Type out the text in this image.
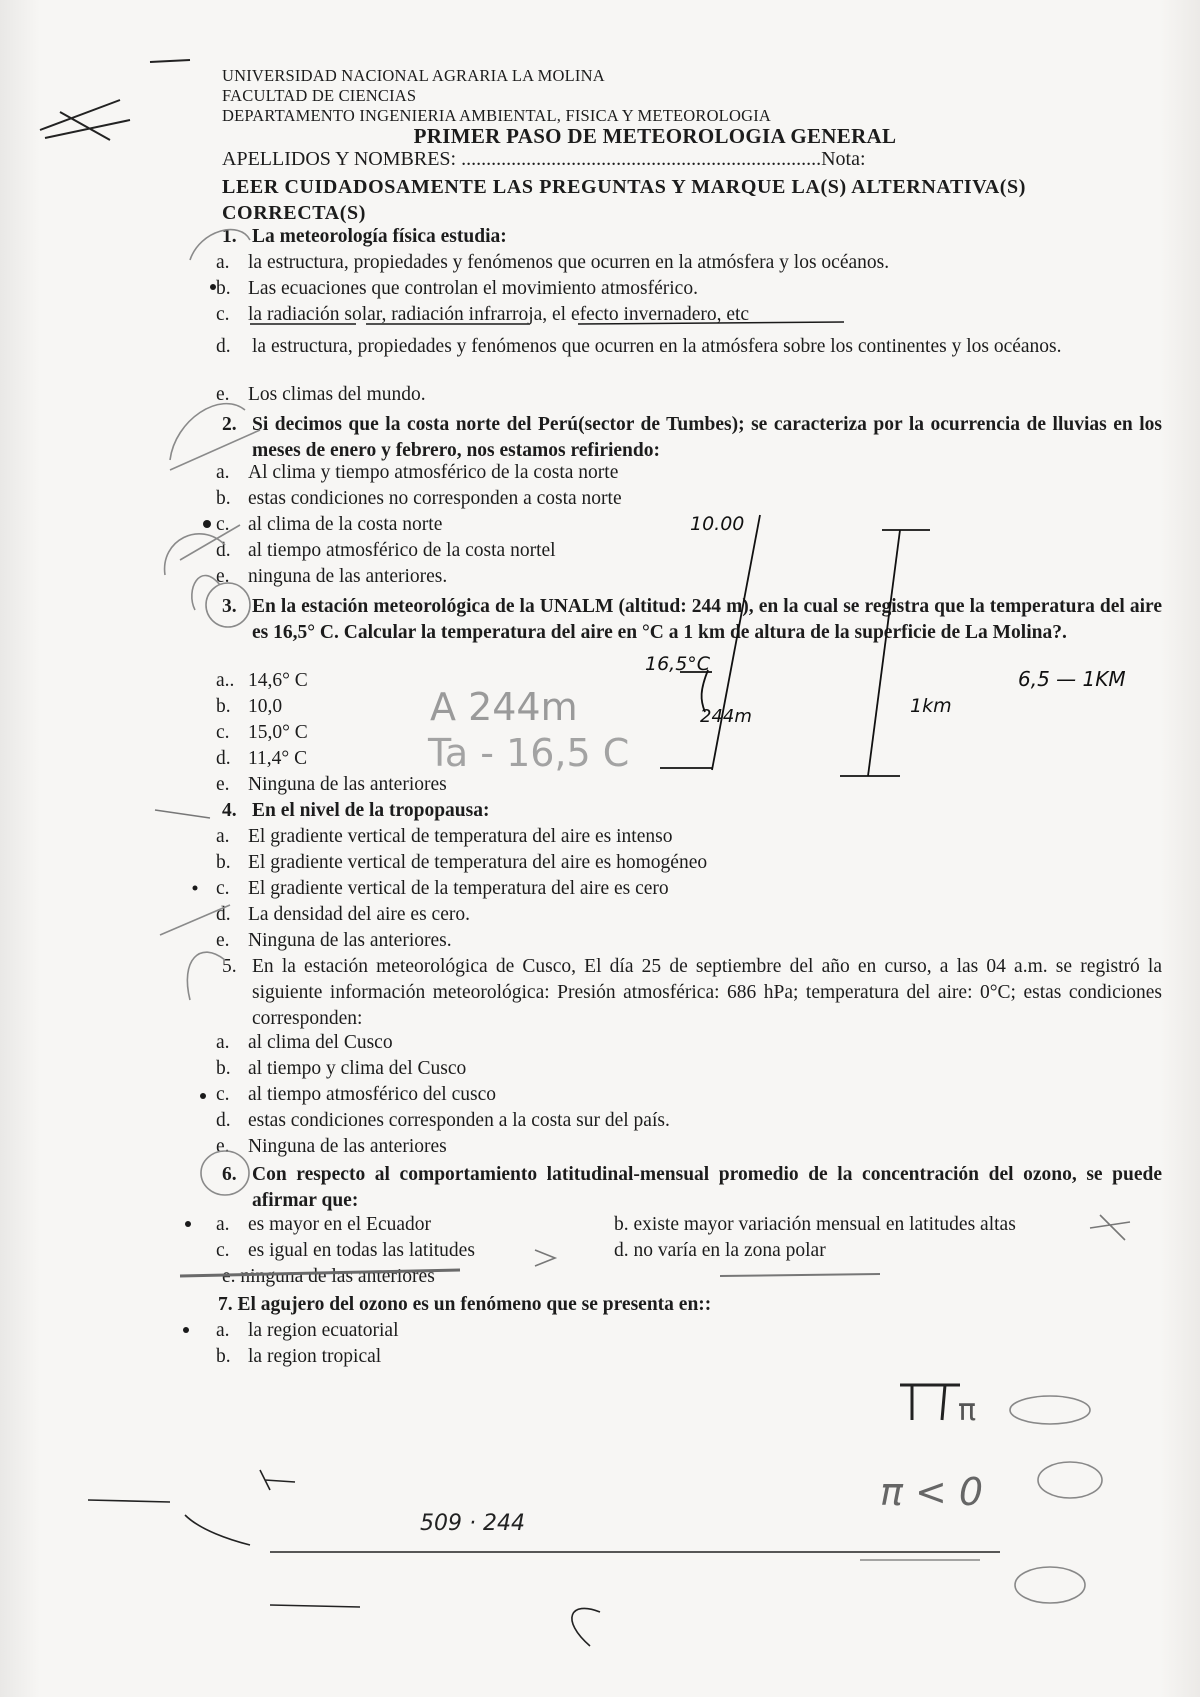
UNIVERSIDAD NACIONAL AGRARIA LA MOLINA
FACULTAD DE CIENCIAS
DEPARTAMENTO INGENIERIA AMBIENTAL, FISICA Y METEOROLOGIA
PRIMER PASO DE METEOROLOGIA GENERAL
APELLIDOS Y NOMBRES: ........................................................................Nota:
LEER CUIDADOSAMENTE LAS PREGUNTAS Y MARQUE LA(S) ALTERNATIVA(S) CORRECTA(S)
1. La meteorología física estudia:
a. la estructura, propiedades y fenómenos que ocurren en la atmósfera y los océanos.
b. Las ecuaciones que controlan el movimiento atmosférico.
c. la radiación solar, radiación infrarroja, el efecto invernadero, etc
d.	la estructura, propiedades y fenómenos que ocurren en la atmósfera sobre los continentes y los océanos.
e. Los climas del mundo.
2. Si decimos que la costa norte del Perú(sector de Tumbes); se caracteriza por la ocurrencia de lluvias en los meses de enero y febrero, nos estamos refiriendo:
a. Al clima y tiempo atmosférico de la costa norte
b. estas condiciones no corresponden a costa norte
c. al clima de la costa norte
d. al tiempo atmosférico de la costa nortel
e. ninguna de las anteriores.
3. En la estación meteorológica de la UNALM (altitud: 244 m), en la cual se registra que la temperatura del aire es 16,5° C. Calcular la temperatura del aire en °C a 1 km de altura de la superficie de La Molina?.
a.. 14,6° C
b. 10,0
c. 15,0° C
d. 11,4° C
e. Ninguna de las anteriores
4. En el nivel de la tropopausa:
a. El gradiente vertical de temperatura del aire es intenso
b. El gradiente vertical de temperatura del aire es homogéneo
c. El gradiente vertical de la temperatura del aire es cero
d. La densidad del aire es cero.
e. Ninguna de las anteriores.
5. En la estación meteorológica de Cusco, El día 25 de septiembre del año en curso, a las 04 a.m. se registró la siguiente información meteorológica: Presión atmosférica: 686 hPa; temperatura del aire: 0°C; estas condiciones corresponden:
a. al clima del Cusco
b. al tiempo y clima del Cusco
c. al tiempo atmosférico del cusco
d. estas condiciones corresponden a la costa sur del país.
e. Ninguna de las anteriores
6. Con respecto al comportamiento latitudinal-mensual promedio de la concentración del ozono, se puede afirmar que:
a. es mayor en el Ecuador	b. existe mayor variación mensual en latitudes altas
c. es igual en todas las latitudes	d. no varía en la zona polar
e. ninguna de las anteriores
7. El agujero del ozono es un fenómeno que se presenta en::
a. la region ecuatorial
b. la region tropical
10.00
16,5°C
244m	1km
6,5 — 1KM
A 244m
Ta - 16,5 C
509 · 244
π
π < 0
